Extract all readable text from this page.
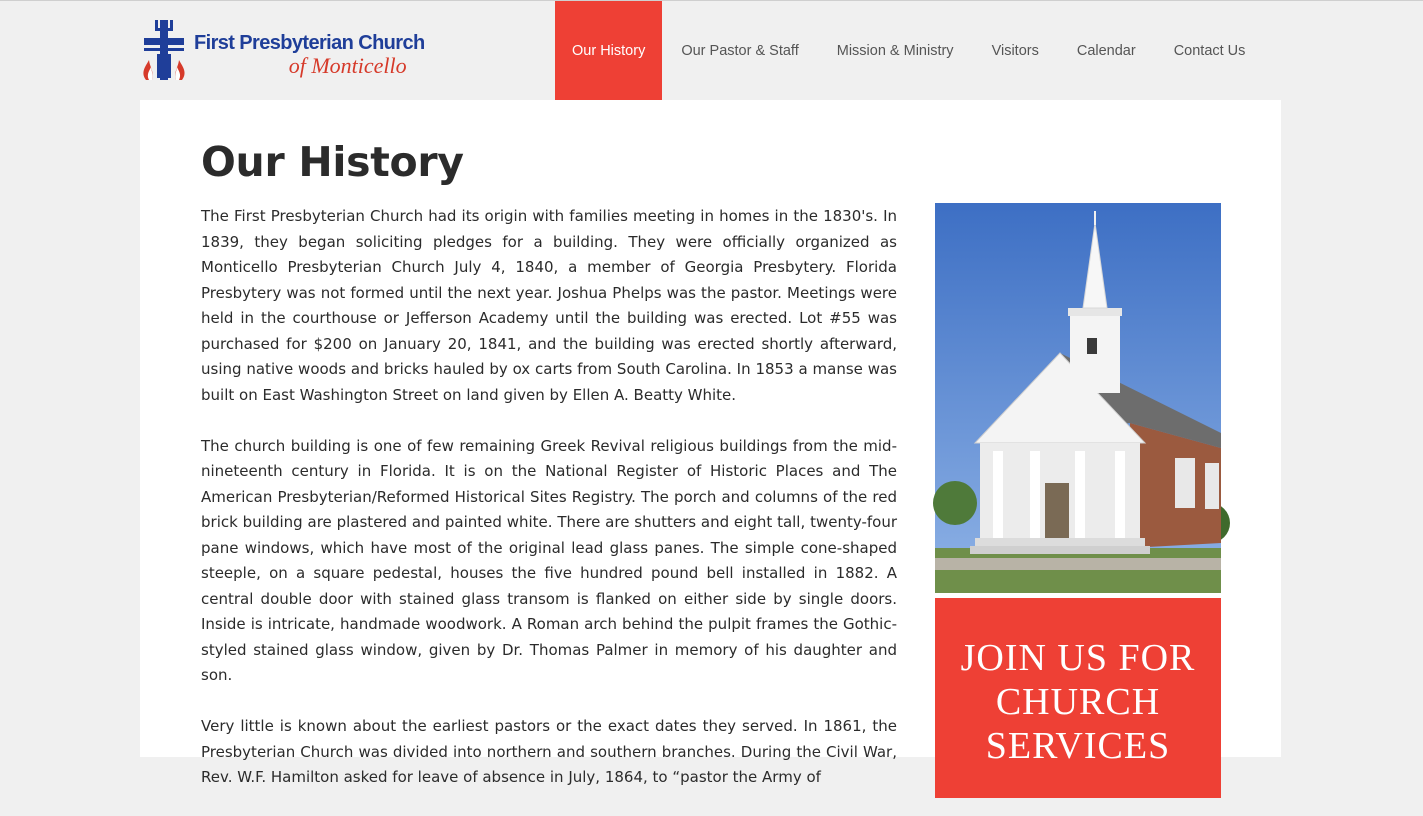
First Presbyterian Church
of Monticello
Our History	Our Pastor & Staff	Mission & Ministry	Visitors	Calendar	Contact Us
Our History

The First Presbyterian Church had its origin with families meeting in homes in the 1830's. In 1839, they began soliciting pledges for a building. They were officially organized as Monticello Presbyterian Church July 4, 1840, a member of Georgia Presbytery. Florida Presbytery was not formed until the next year. Joshua Phelps was the pastor. Meetings were held in the courthouse or Jefferson Academy until the building was erected. Lot #55 was purchased for $200 on January 20, 1841, and the building was erected shortly afterward, using native woods and bricks hauled by ox carts from South Carolina. In 1853 a manse was built on East Washington Street on land given by Ellen A. Beatty White.

The church building is one of few remaining Greek Revival religious buildings from the mid-nineteenth century in Florida. It is on the National Register of Historic Places and The American Presbyterian/Reformed Historical Sites Registry. The porch and columns of the red brick building are plastered and painted white. There are shutters and eight tall, twenty-four pane windows, which have most of the original lead glass panes. The simple cone-shaped steeple, on a square pedestal, houses the five hundred pound bell installed in 1882. A central double door with stained glass transom is flanked on either side by single doors. Inside is intricate, handmade woodwork. A Roman arch behind the pulpit frames the Gothic-styled stained glass window, given by Dr. Thomas Palmer in memory of his daughter and son.

Very little is known about the earliest pastors or the exact dates they served. In 1861, the Presbyterian Church was divided into northern and southern branches. During the Civil War, Rev. W.F. Hamilton asked for leave of absence in July, 1864, to “pastor the Army of

JOIN US FOR CHURCH SERVICES
